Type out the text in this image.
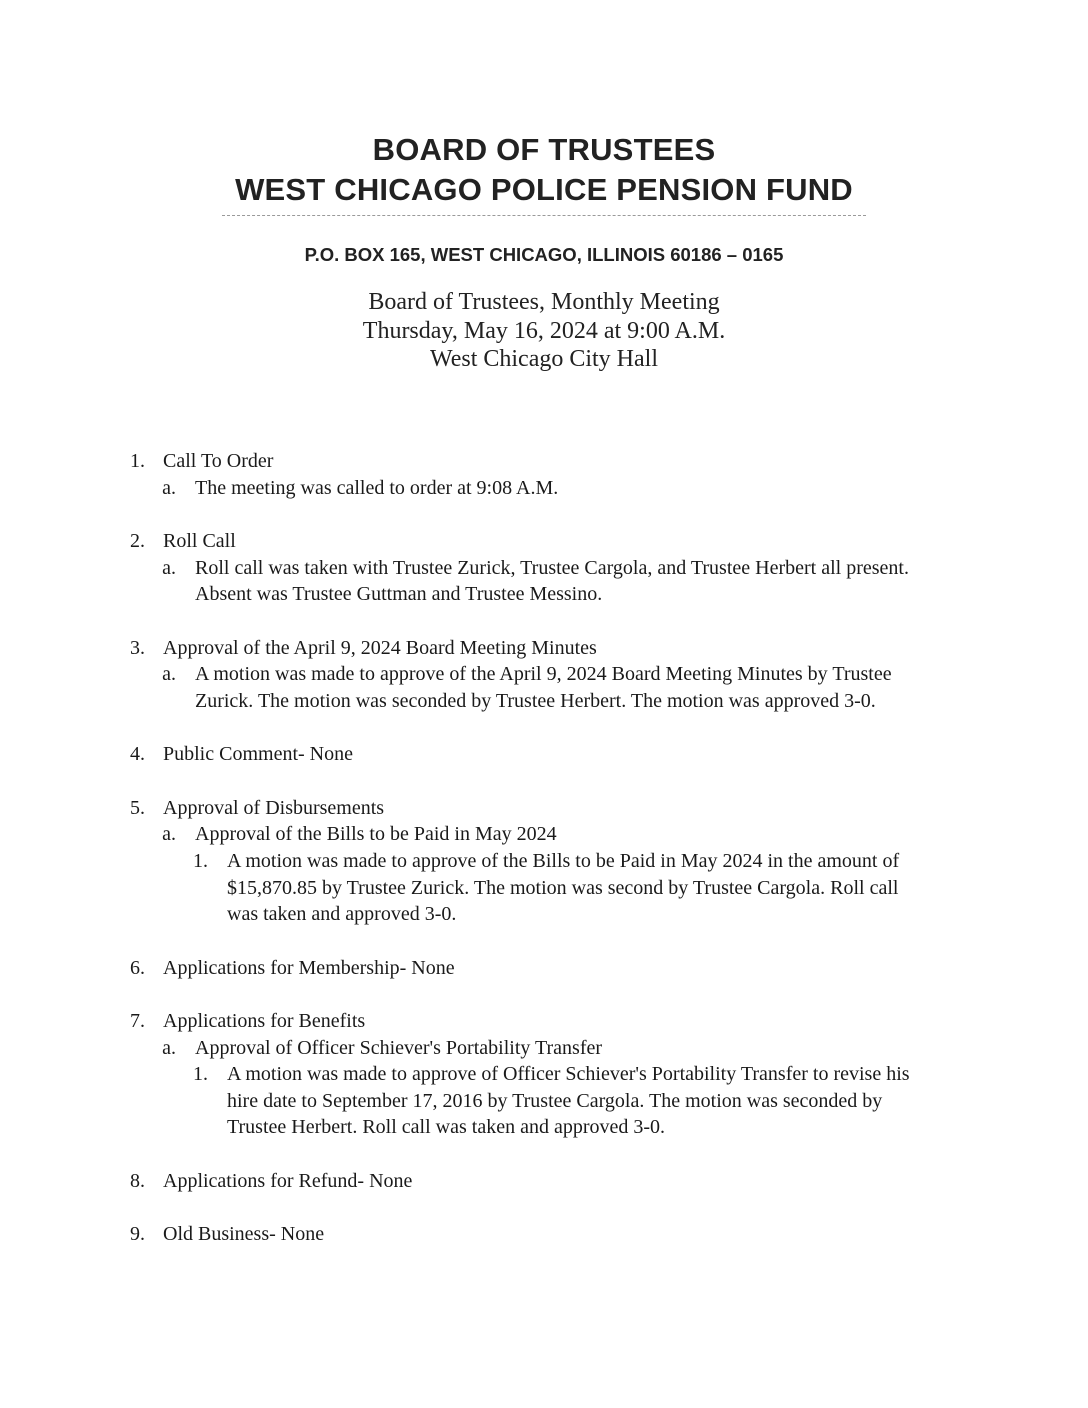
BOARD OF TRUSTEES
WEST CHICAGO POLICE PENSION FUND
P.O. BOX 165, WEST CHICAGO, ILLINOIS 60186 – 0165
Board of Trustees, Monthly Meeting
Thursday, May 16, 2024 at 9:00 A.M.
West Chicago City Hall
1. Call To Order
a. The meeting was called to order at 9:08 A.M.
2. Roll Call
a. Roll call was taken with Trustee Zurick, Trustee Cargola, and Trustee Herbert all present.
Absent was Trustee Guttman and Trustee Messino.
3. Approval of the April 9, 2024 Board Meeting Minutes
a. A motion was made to approve of the April 9, 2024 Board Meeting Minutes by Trustee
Zurick. The motion was seconded by Trustee Herbert. The motion was approved 3-0.
4. Public Comment- None
5. Approval of Disbursements
a. Approval of the Bills to be Paid in May 2024
1. A motion was made to approve of the Bills to be Paid in May 2024 in the amount of
$15,870.85 by Trustee Zurick. The motion was second by Trustee Cargola. Roll call
was taken and approved 3-0.
6. Applications for Membership- None
7. Applications for Benefits
a. Approval of Officer Schiever's Portability Transfer
1. A motion was made to approve of Officer Schiever's Portability Transfer to revise his
hire date to September 17, 2016 by Trustee Cargola. The motion was seconded by
Trustee Herbert. Roll call was taken and approved 3-0.
8. Applications for Refund- None
9. Old Business- None
